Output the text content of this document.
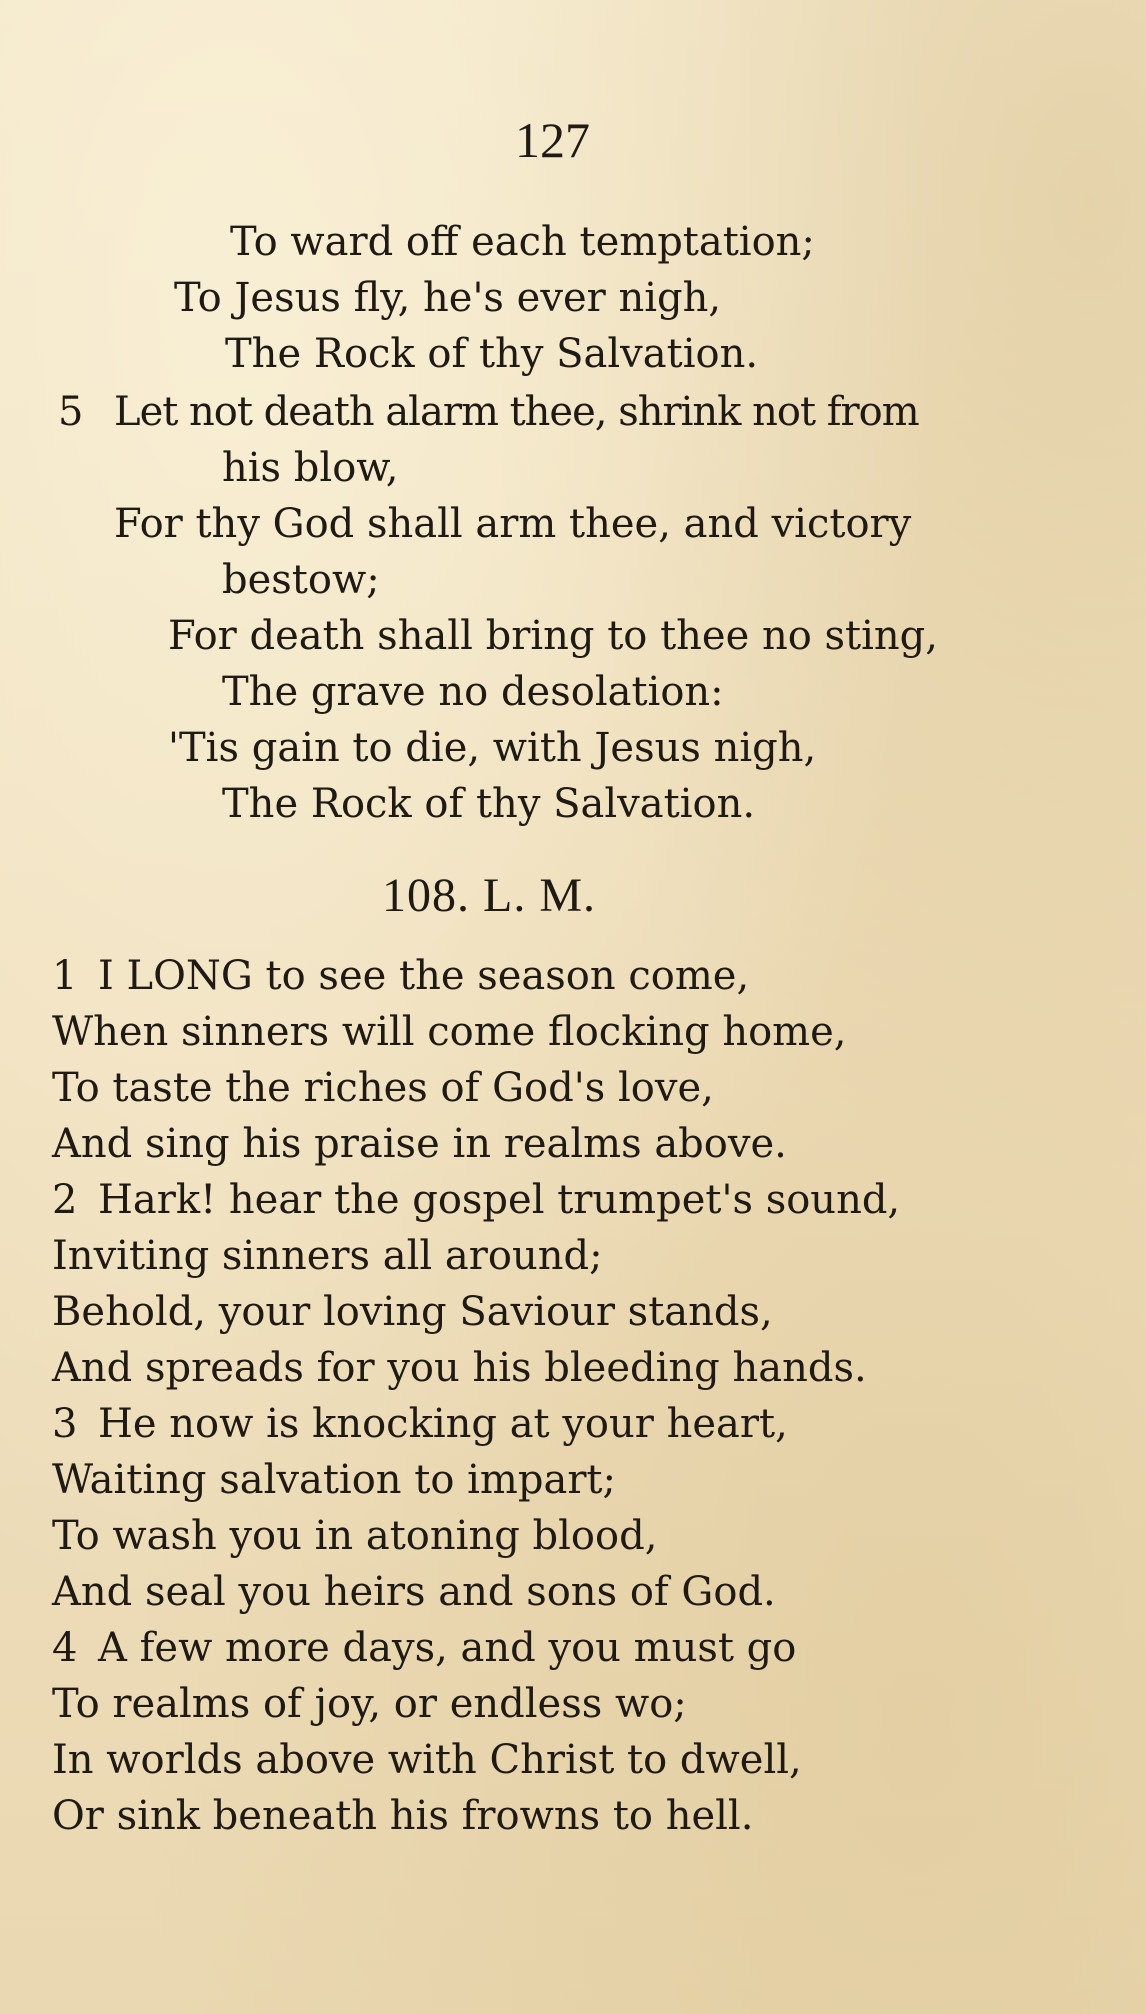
127
To ward off each temptation;
To Jesus fly, he's ever nigh,
The Rock of thy Salvation.
5 Let not death alarm thee, shrink not from
his blow,
For thy God shall arm thee, and victory
bestow;
For death shall bring to thee no sting,
The grave no desolation:
'Tis gain to die, with Jesus nigh,
The Rock of thy Salvation.
108. L. M.
1 I LONG to see the season come,
When sinners will come flocking home,
To taste the riches of God's love,
And sing his praise in realms above.
2 Hark! hear the gospel trumpet's sound,
Inviting sinners all around;
Behold, your loving Saviour stands,
And spreads for you his bleeding hands.
3 He now is knocking at your heart,
Waiting salvation to impart;
To wash you in atoning blood,
And seal you heirs and sons of God.
4 A few more days, and you must go
To realms of joy, or endless wo;
In worlds above with Christ to dwell,
Or sink beneath his frowns to hell.
